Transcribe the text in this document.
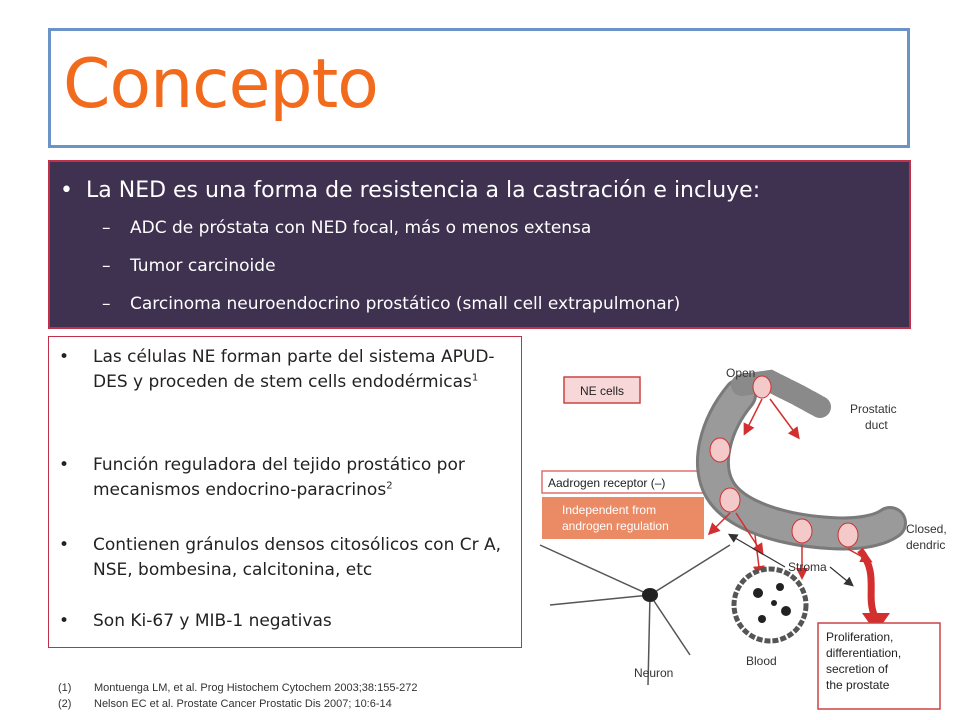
Concepto
• La NED es una forma de resistencia a la castración e incluye:
– ADC de próstata con NED focal, más o menos extensa
– Tumor carcinoide
– Carcinoma neuroendocrino prostático (small cell extrapulmonar)
• Las células NE forman parte del sistema APUD-DES y proceden de stem cells endodérmicas$^1$
• Función reguladora del tejido prostático por mecanismos endocrino-paracrinos$^2$
• Contienen gránulos densos citosólicos con Cr A, NSE, bombesina, calcitonina, etc
• Son Ki-67 y MIB-1 negativas
(1) Montuenga LM, et al. Prog Histochem Cytochem 2003;38:155-272
(2) Nelson EC et al. Prostate Cancer Prostatic Dis 2007; 10:6-14
NE cells
Aadrogen receptor (–)
Independent from
androgen regulation
Open
Prostatic
duct
Closed,
dendric
Stroma
Neuron
Blood
Proliferation,
differentiation,
secretion of
the prostate
